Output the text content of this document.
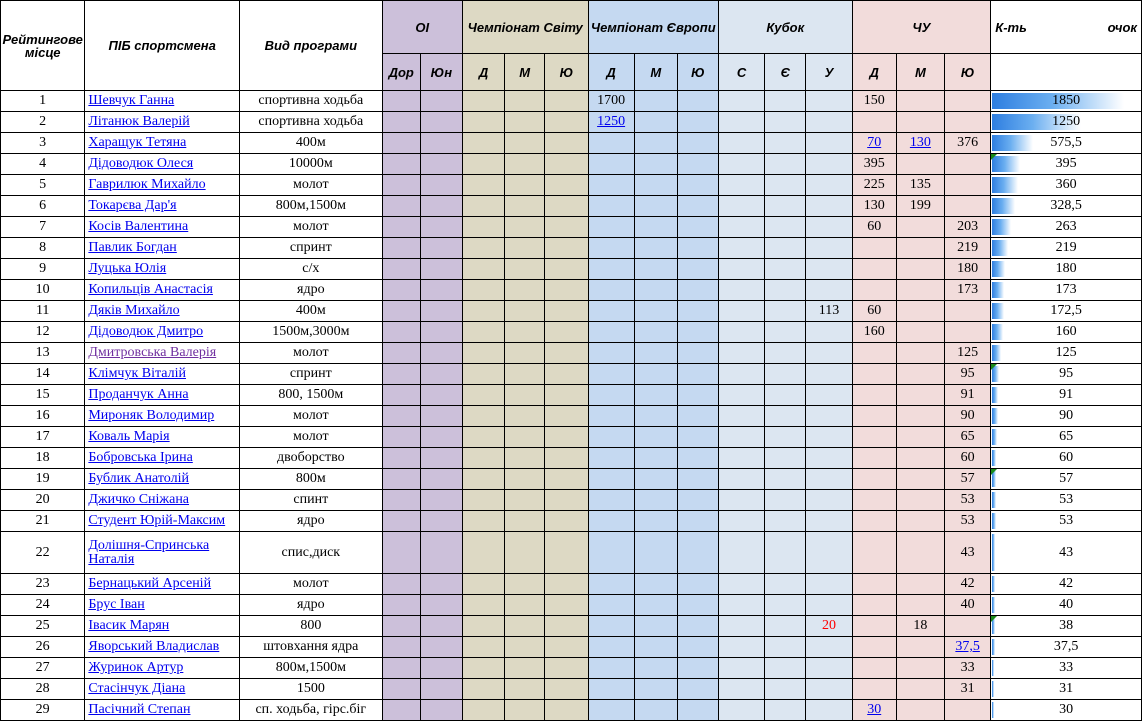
Рейтингове місце	ПІБ спортсмена	Вид програми	ОІ		Чемпіонат Світу			Чемпіонат Європи			Кубок			ЧУ			К-ть очок

			Дор	Юн	Д	М	Ю	Д	М	Ю	С	Є	У	Д	М	Ю	
1	Шевчук Ганна	спортивна ходьба						1700						150			1850
2	Літанюк Валерій	спортивна ходьба						1250									1250
3	Харащук Тетяна	400м												70	130	376	575,5
4	Дідоводюк Олеся	10000м												395			395
5	Гаврилюк Михайло	молот												225	135		360
6	Токарєва Дар'я	800м,1500м												130	199		328,5
7	Косів Валентина	молот												60		203	263
8	Павлик Богдан	спринт														219	219
9	Луцька Юлія	с/х														180	180
10	Копильцiв Анастасія	ядро														173	173
11	Дяків Михайло	400м											113	60			172,5
12	Дідоводюк Дмитро	1500м,3000м												160			160
13	Дмитровська Валерія	молот														125	125
14	Клімчук Віталій	спринт														95	95
15	Проданчук Анна	800, 1500м														91	91
16	Мироняк Володимир	молот														90	90
17	Коваль Марія	молот														65	65
18	Бобровська Ірина	двоборство														60	60
19	Бублик Анатолій	800м														57	57
20	Джичко Сніжана	спинт														53	53
21	Студент Юрій-Максим	ядро														53	53
22	Долішня-Спринська Наталія	спис,диск														43	43
23	Бернацький Арсеній	молот														42	42
24	Брус Іван	ядро														40	40
25	Івасик Марян	800											20		18		38
26	Яворський Владислав	штовхання ядра														37,5	37,5
27	Журинок Артур	800м,1500м														33	33
28	Стасінчук Діана	1500														31	31
29	Пасічний Степан	сп. ходьба, гірс.біг												30			30
